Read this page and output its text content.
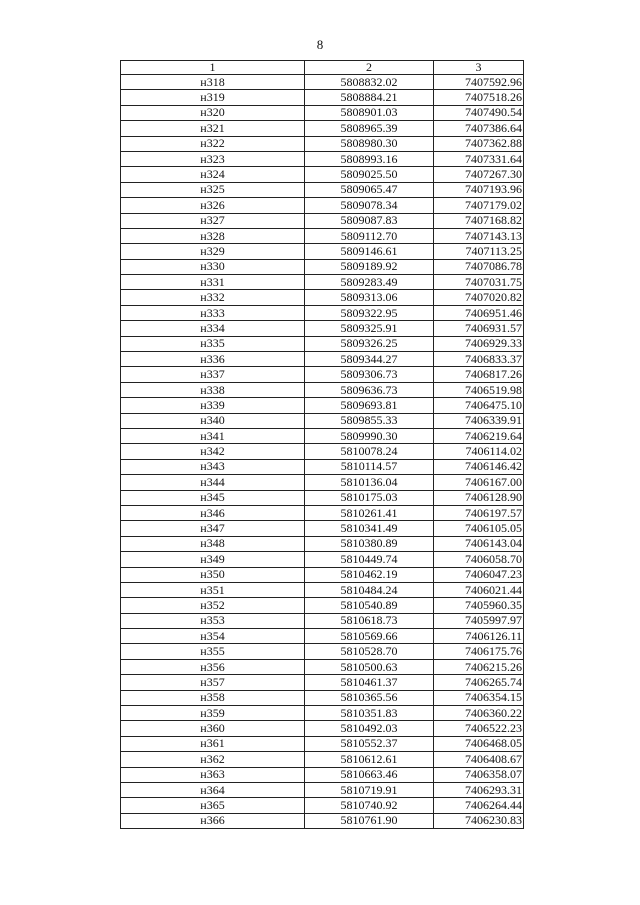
8
1	2	3
н318	5808832.02	7407592.96
н319	5808884.21	7407518.26
н320	5808901.03	7407490.54
н321	5808965.39	7407386.64
н322	5808980.30	7407362.88
н323	5808993.16	7407331.64
н324	5809025.50	7407267.30
н325	5809065.47	7407193.96
н326	5809078.34	7407179.02
н327	5809087.83	7407168.82
н328	5809112.70	7407143.13
н329	5809146.61	7407113.25
н330	5809189.92	7407086.78
н331	5809283.49	7407031.75
н332	5809313.06	7407020.82
н333	5809322.95	7406951.46
н334	5809325.91	7406931.57
н335	5809326.25	7406929.33
н336	5809344.27	7406833.37
н337	5809306.73	7406817.26
н338	5809636.73	7406519.98
н339	5809693.81	7406475.10
н340	5809855.33	7406339.91
н341	5809990.30	7406219.64
н342	5810078.24	7406114.02
н343	5810114.57	7406146.42
н344	5810136.04	7406167.00
н345	5810175.03	7406128.90
н346	5810261.41	7406197.57
н347	5810341.49	7406105.05
н348	5810380.89	7406143.04
н349	5810449.74	7406058.70
н350	5810462.19	7406047.23
н351	5810484.24	7406021.44
н352	5810540.89	7405960.35
н353	5810618.73	7405997.97
н354	5810569.66	7406126.11
н355	5810528.70	7406175.76
н356	5810500.63	7406215.26
н357	5810461.37	7406265.74
н358	5810365.56	7406354.15
н359	5810351.83	7406360.22
н360	5810492.03	7406522.23
н361	5810552.37	7406468.05
н362	5810612.61	7406408.67
н363	5810663.46	7406358.07
н364	5810719.91	7406293.31
н365	5810740.92	7406264.44
н366	5810761.90	7406230.83
